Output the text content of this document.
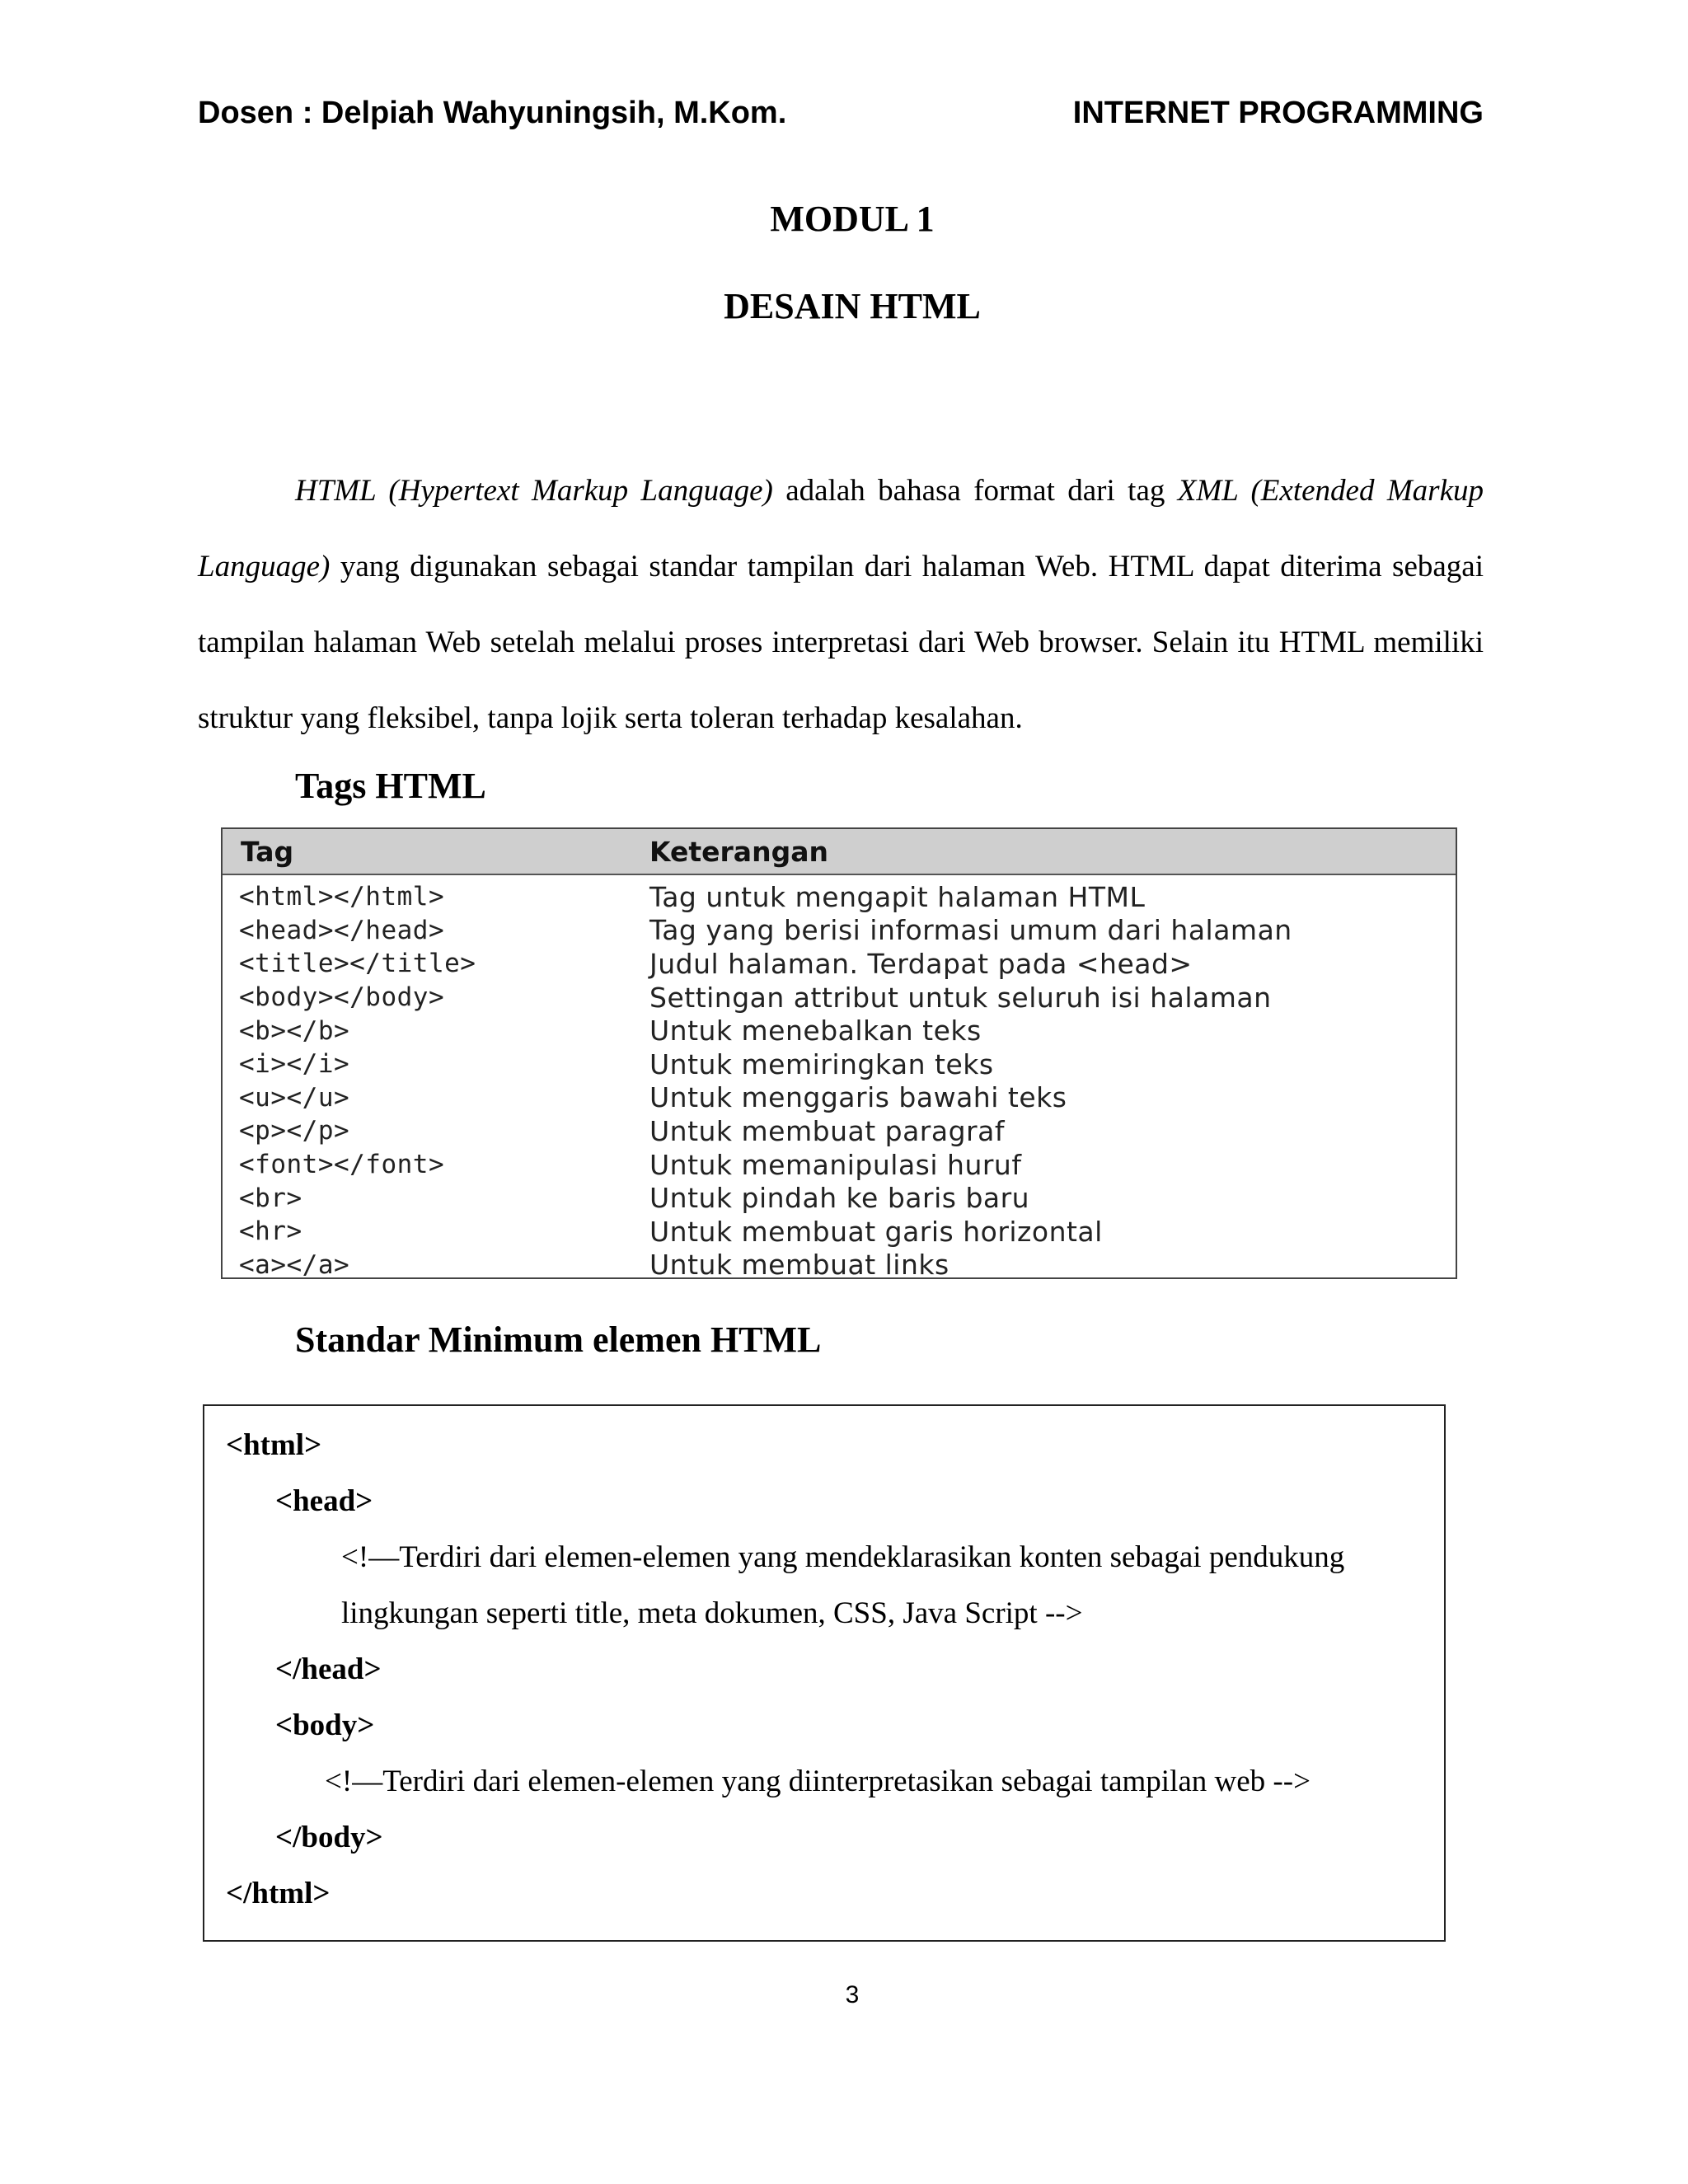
Dosen : Delpiah Wahyuningsih, M.Kom.	INTERNET PROGRAMMING
MODUL 1
DESAIN HTML

HTML (Hypertext Markup Language) adalah bahasa format dari tag XML (Extended Markup Language) yang digunakan sebagai standar tampilan dari halaman Web. HTML dapat diterima sebagai tampilan halaman Web setelah melalui proses interpretasi dari Web browser. Selain itu HTML memiliki struktur yang fleksibel, tanpa lojik serta toleran terhadap kesalahan.

Tags HTML
Tag	Keterangan
<html></html>	Tag untuk mengapit halaman HTML
<head></head>	Tag yang berisi informasi umum dari halaman
<title></title>	Judul halaman. Terdapat pada <head>
<body></body>	Settingan attribut untuk seluruh isi halaman
<b></b>	Untuk menebalkan teks
<i></i>	Untuk memiringkan teks
<u></u>	Untuk menggaris bawahi teks
<p></p>	Untuk membuat paragraf
<font></font>	Untuk memanipulasi huruf
<br>	Untuk pindah ke baris baru
<hr>	Untuk membuat garis horizontal
<a></a>	Untuk membuat links
Standar Minimum elemen HTML
<html>
<head>
<!—Terdiri dari elemen-elemen yang mendeklarasikan konten sebagai pendukung
lingkungan seperti title, meta dokumen, CSS, Java Script -->
</head>
<body>
<!—Terdiri dari elemen-elemen yang diinterpretasikan sebagai tampilan web -->
</body>
</html>
3
